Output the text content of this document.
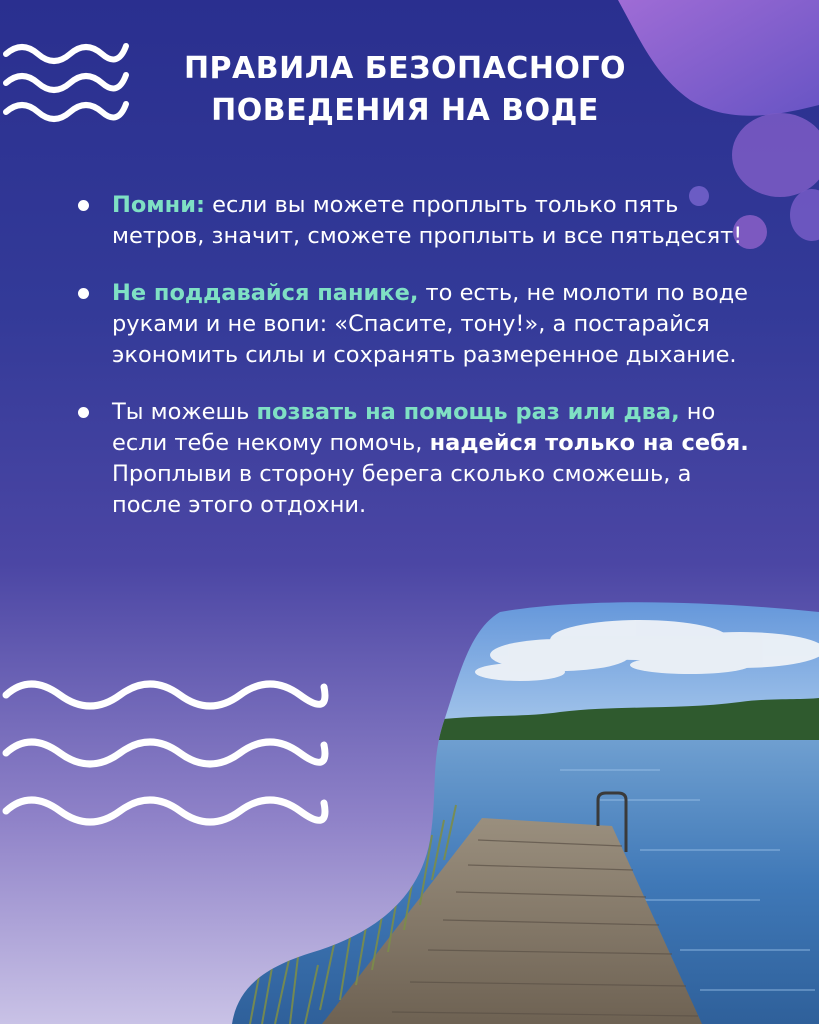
ПРАВИЛА БЕЗОПАСНОГО
ПОВЕДЕНИЯ НА ВОДЕ
Помни: если вы можете проплыть только пять метров, значит, сможете проплыть и все пятьдесят!
Не поддавайся панике, то есть, не молоти по воде руками и не вопи: «Спасите, тону!», а постарайся экономить силы и сохранять размеренное дыхание.
Ты можешь позвать на помощь раз или два, но если тебе некому помочь, надейся только на себя. Проплыви в сторону берега сколько сможешь, а после этого отдохни.
